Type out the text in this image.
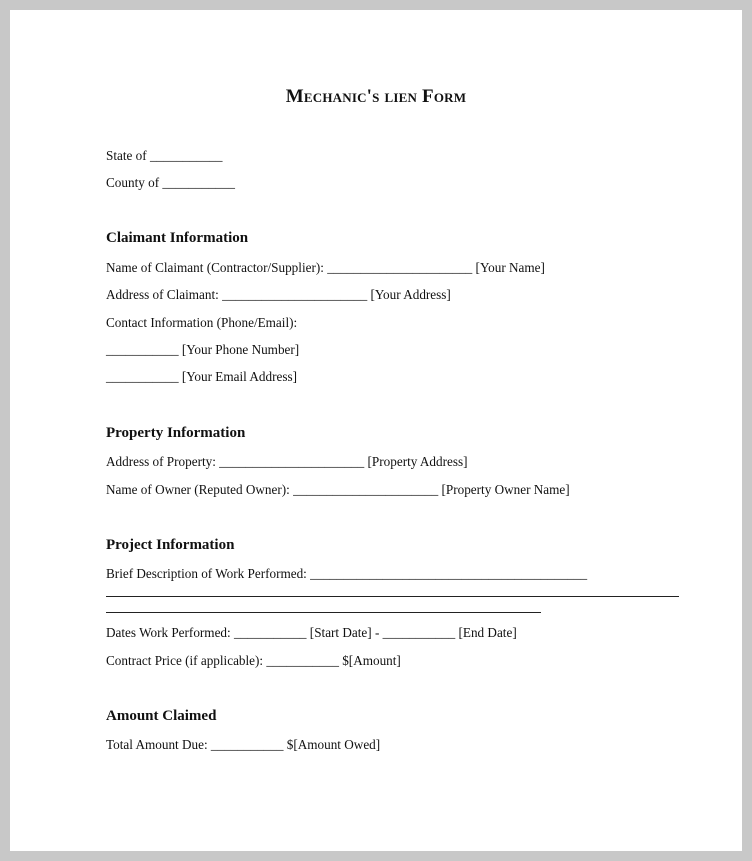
Mechanic's lien Form
State of ___________
County of ___________
Claimant Information
Name of Claimant (Contractor/Supplier): ______________________ [Your Name]
Address of Claimant: ______________________ [Your Address]
Contact Information (Phone/Email):
___________ [Your Phone Number]
___________ [Your Email Address]
Property Information
Address of Property: ______________________ [Property Address]
Name of Owner (Reputed Owner): ______________________ [Property Owner Name]
Project Information
Brief Description of Work Performed: __________________________________________
Dates Work Performed: ___________ [Start Date] - ___________ [End Date]
Contract Price (if applicable): ___________ $[Amount]
Amount Claimed
Total Amount Due: ___________ $[Amount Owed]
